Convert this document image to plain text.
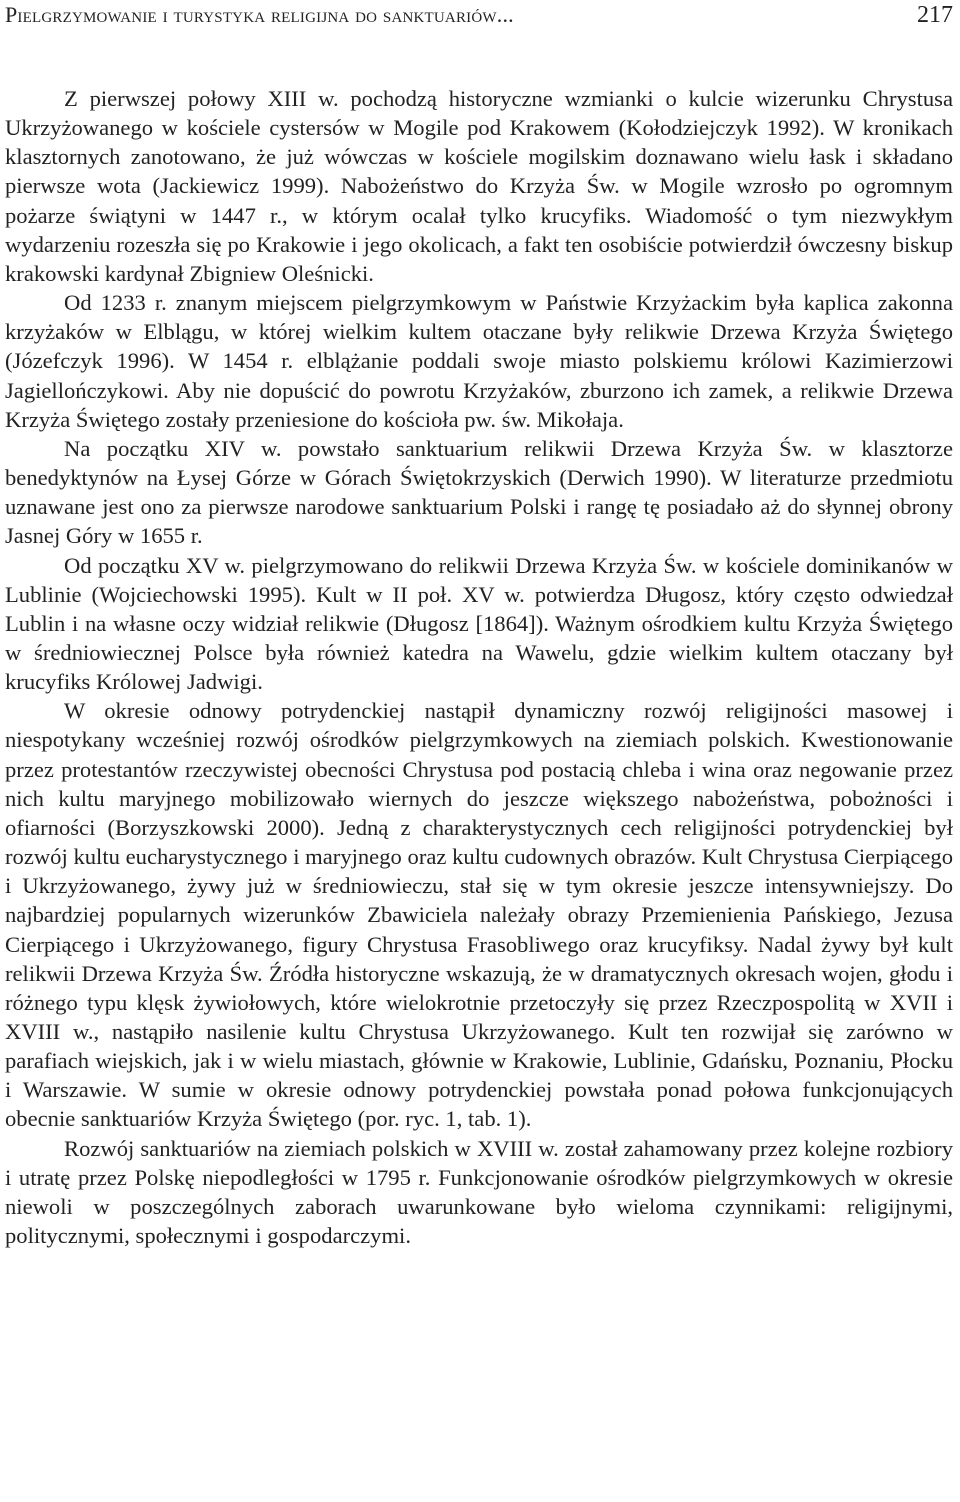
Pielgrzymowanie i turystyka religijna do sanktuariów...	217

Z pierwszej połowy XIII w. pochodzą historyczne wzmianki o kulcie wizerunku Chrystusa Ukrzyżowanego w kościele cystersów w Mogile pod Krakowem (Kołodziejczyk 1992). W kronikach klasztornych zanotowano, że już wówczas w kościele mogilskim doznawano wielu łask i składano pierwsze wota (Jackiewicz 1999). Nabożeństwo do Krzyża Św. w Mogile wzrosło po ogromnym pożarze świątyni w 1447 r., w którym ocalał tylko krucyfiks. Wiadomość o tym niezwykłym wydarzeniu rozeszła się po Krakowie i jego okolicach, a fakt ten osobiście potwierdził ówczesny biskup krakowski kardynał Zbigniew Oleśnicki.

Od 1233 r. znanym miejscem pielgrzymkowym w Państwie Krzyżackim była kaplica zakonna krzyżaków w Elblągu, w której wielkim kultem otaczane były relikwie Drzewa Krzyża Świętego (Józefczyk 1996). W 1454 r. elblążanie poddali swoje miasto polskiemu królowi Kazimierzowi Jagiellończykowi. Aby nie dopuścić do powrotu Krzyżaków, zburzono ich zamek, a relikwie Drzewa Krzyża Świętego zostały przeniesione do kościoła pw. św. Mikołaja.

Na początku XIV w. powstało sanktuarium relikwii Drzewa Krzyża Św. w klasztorze benedyktynów na Łysej Górze w Górach Świętokrzyskich (Derwich 1990). W literaturze przedmiotu uznawane jest ono za pierwsze narodowe sanktuarium Polski i rangę tę posiadało aż do słynnej obrony Jasnej Góry w 1655 r.

Od początku XV w. pielgrzymowano do relikwii Drzewa Krzyża Św. w kościele dominikanów w Lublinie (Wojciechowski 1995). Kult w II poł. XV w. potwierdza Długosz, który często odwiedzał Lublin i na własne oczy widział relikwie (Długosz [1864]). Ważnym ośrodkiem kultu Krzyża Świętego w średniowiecznej Polsce była również katedra na Wawelu, gdzie wielkim kultem otaczany był krucyfiks Królowej Jadwigi.

W okresie odnowy potrydenckiej nastąpił dynamiczny rozwój religijności masowej i niespotykany wcześniej rozwój ośrodków pielgrzymkowych na ziemiach polskich. Kwestionowanie przez protestantów rzeczywistej obecności Chrystusa pod postacią chleba i wina oraz negowanie przez nich kultu maryjnego mobilizowało wiernych do jeszcze większego nabożeństwa, pobożności i ofiarności (Borzyszkowski 2000). Jedną z charakterystycznych cech religijności potrydenckiej był rozwój kultu eucharystycznego i maryjnego oraz kultu cudownych obrazów. Kult Chrystusa Cierpiącego i Ukrzyżowanego, żywy już w średniowieczu, stał się w tym okresie jeszcze intensywniejszy. Do najbardziej popularnych wizerunków Zbawiciela należały obrazy Przemienienia Pańskiego, Jezusa Cierpiącego i Ukrzyżowanego, figury Chrystusa Frasobliwego oraz krucyfiksy. Nadal żywy był kult relikwii Drzewa Krzyża Św. Źródła historyczne wskazują, że w dramatycznych okresach wojen, głodu i różnego typu klęsk żywiołowych, które wielokrotnie przetoczyły się przez Rzeczpospolitą w XVII i XVIII w., nastąpiło nasilenie kultu Chrystusa Ukrzyżowanego. Kult ten rozwijał się zarówno w parafiach wiejskich, jak i w wielu miastach, głównie w Krakowie, Lublinie, Gdańsku, Poznaniu, Płocku i Warszawie. W sumie w okresie odnowy potrydenckiej powstała ponad połowa funkcjonujących obecnie sanktuariów Krzyża Świętego (por. ryc. 1, tab. 1).

Rozwój sanktuariów na ziemiach polskich w XVIII w. został zahamowany przez kolejne rozbiory i utratę przez Polskę niepodległości w 1795 r. Funkcjonowanie ośrodków pielgrzymkowych w okresie niewoli w poszczególnych zaborach uwarunkowane było wieloma czynnikami: religijnymi, politycznymi, społecznymi i gospodarczymi.
